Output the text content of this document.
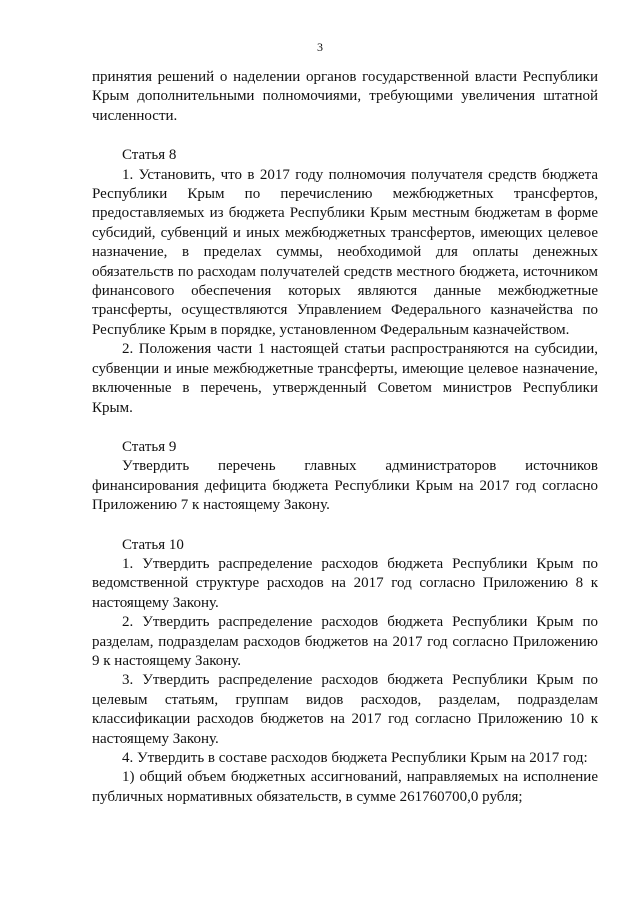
3

принятия решений о наделении органов государственной власти Республики Крым дополнительными полномочиями, требующими увеличения штатной численности.

Статья 8

1. Установить, что в 2017 году полномочия получателя средств бюджета Республики Крым по перечислению межбюджетных трансфертов, предоставляемых из бюджета Республики Крым местным бюджетам в форме субсидий, субвенций и иных межбюджетных трансфертов, имеющих целевое назначение, в пределах суммы, необходимой для оплаты денежных обязательств по расходам получателей средств местного бюджета, источником финансового обеспечения которых являются данные межбюджетные трансферты, осуществляются Управлением Федерального казначейства по Республике Крым в порядке, установленном Федеральным казначейством.

2. Положения части 1 настоящей статьи распространяются на субсидии, субвенции и иные межбюджетные трансферты, имеющие целевое назначение, включенные в перечень, утвержденный Советом министров Республики Крым.

Статья 9

Утвердить перечень главных администраторов источников финансирования дефицита бюджета Республики Крым на 2017 год согласно Приложению 7 к настоящему Закону.

Статья 10

1. Утвердить распределение расходов бюджета Республики Крым по ведомственной структуре расходов на 2017 год согласно Приложению 8 к настоящему Закону.

2. Утвердить распределение расходов бюджета Республики Крым по разделам, подразделам расходов бюджетов на 2017 год согласно Приложению 9 к настоящему Закону.

3. Утвердить распределение расходов бюджета Республики Крым по целевым статьям, группам видов расходов, разделам, подразделам классификации расходов бюджетов на 2017 год согласно Приложению 10 к настоящему Закону.

4. Утвердить в составе расходов бюджета Республики Крым на 2017 год:

1) общий объем бюджетных ассигнований, направляемых на исполнение публичных нормативных обязательств, в сумме 261760700,0 рубля;
